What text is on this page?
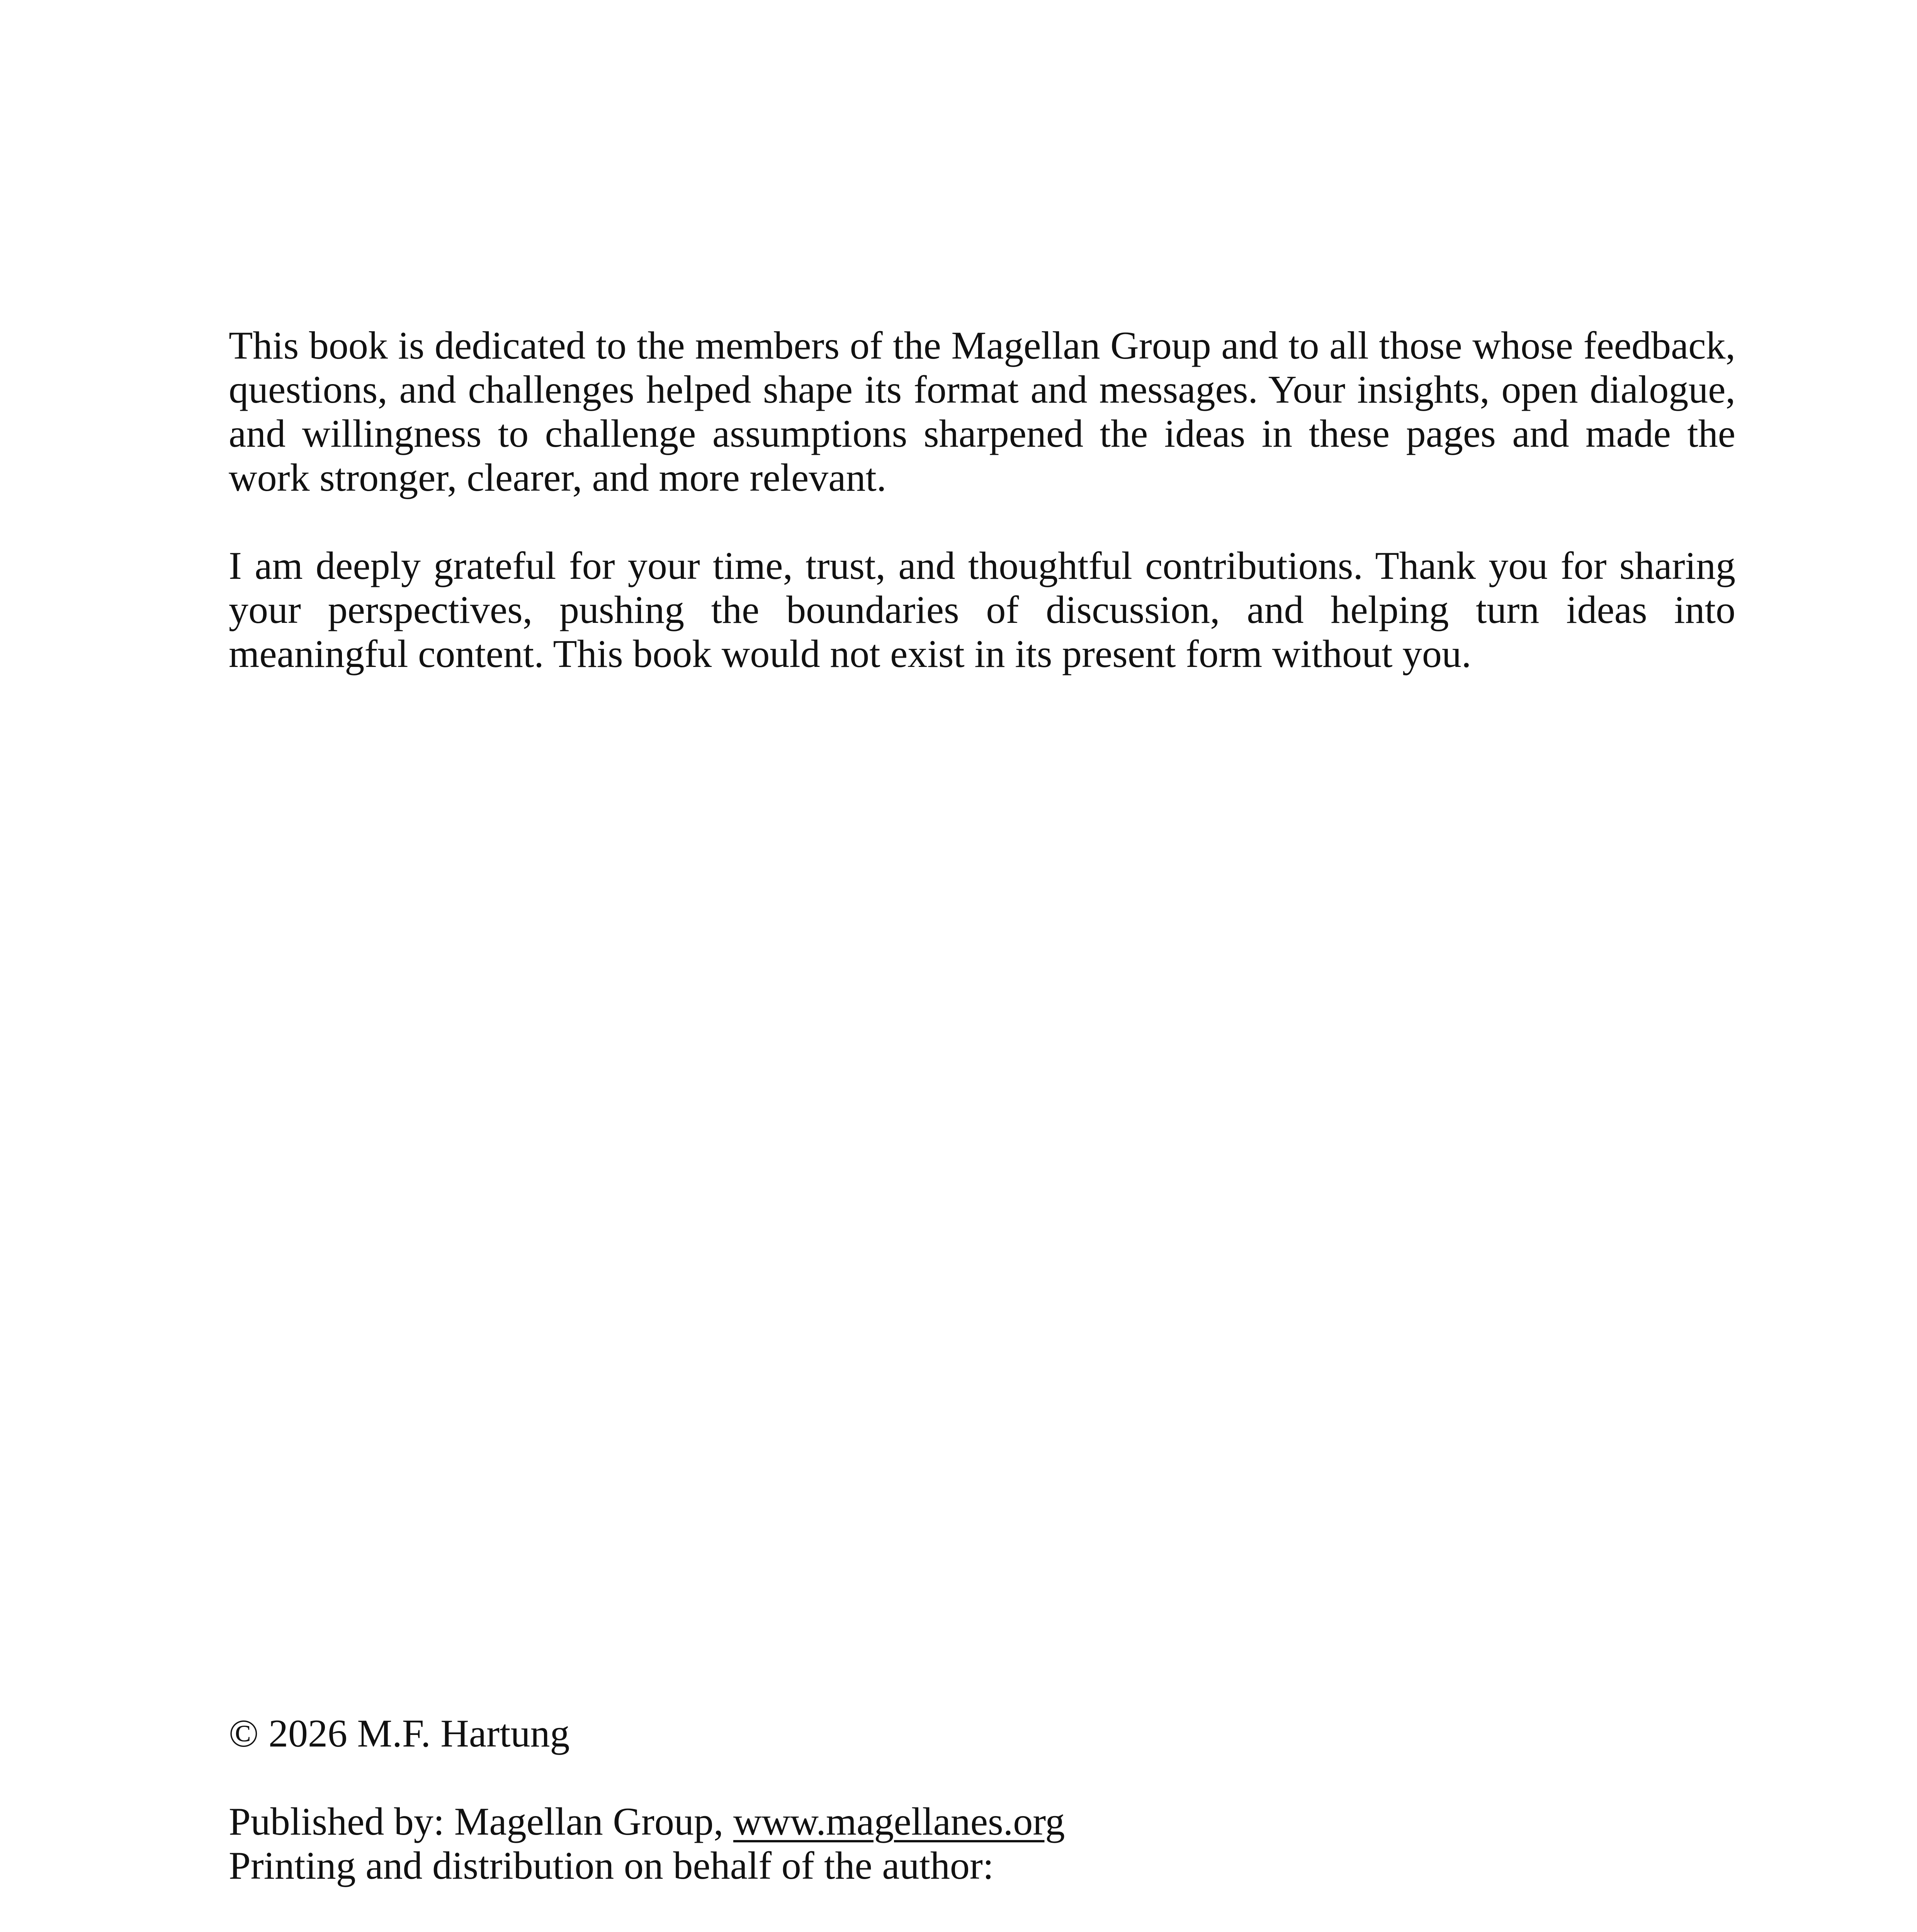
This book is dedicated to the members of the Magellan Group and to all those whose feedback, questions, and challenges helped shape its format and messages. Your insights, open dialogue, and willingness to challenge assumptions sharpened the ideas in these pages and made the work stronger, clearer, and more relevant.

I am deeply grateful for your time, trust, and thoughtful contributions. Thank you for sharing your perspectives, pushing the boundaries of discussion, and helping turn ideas into meaningful content. This book would not exist in its present form without you.

© 2026 M.F. Hartung
Published by: Magellan Group, www.magellanes.org
Printing and distribution on behalf of the author:
